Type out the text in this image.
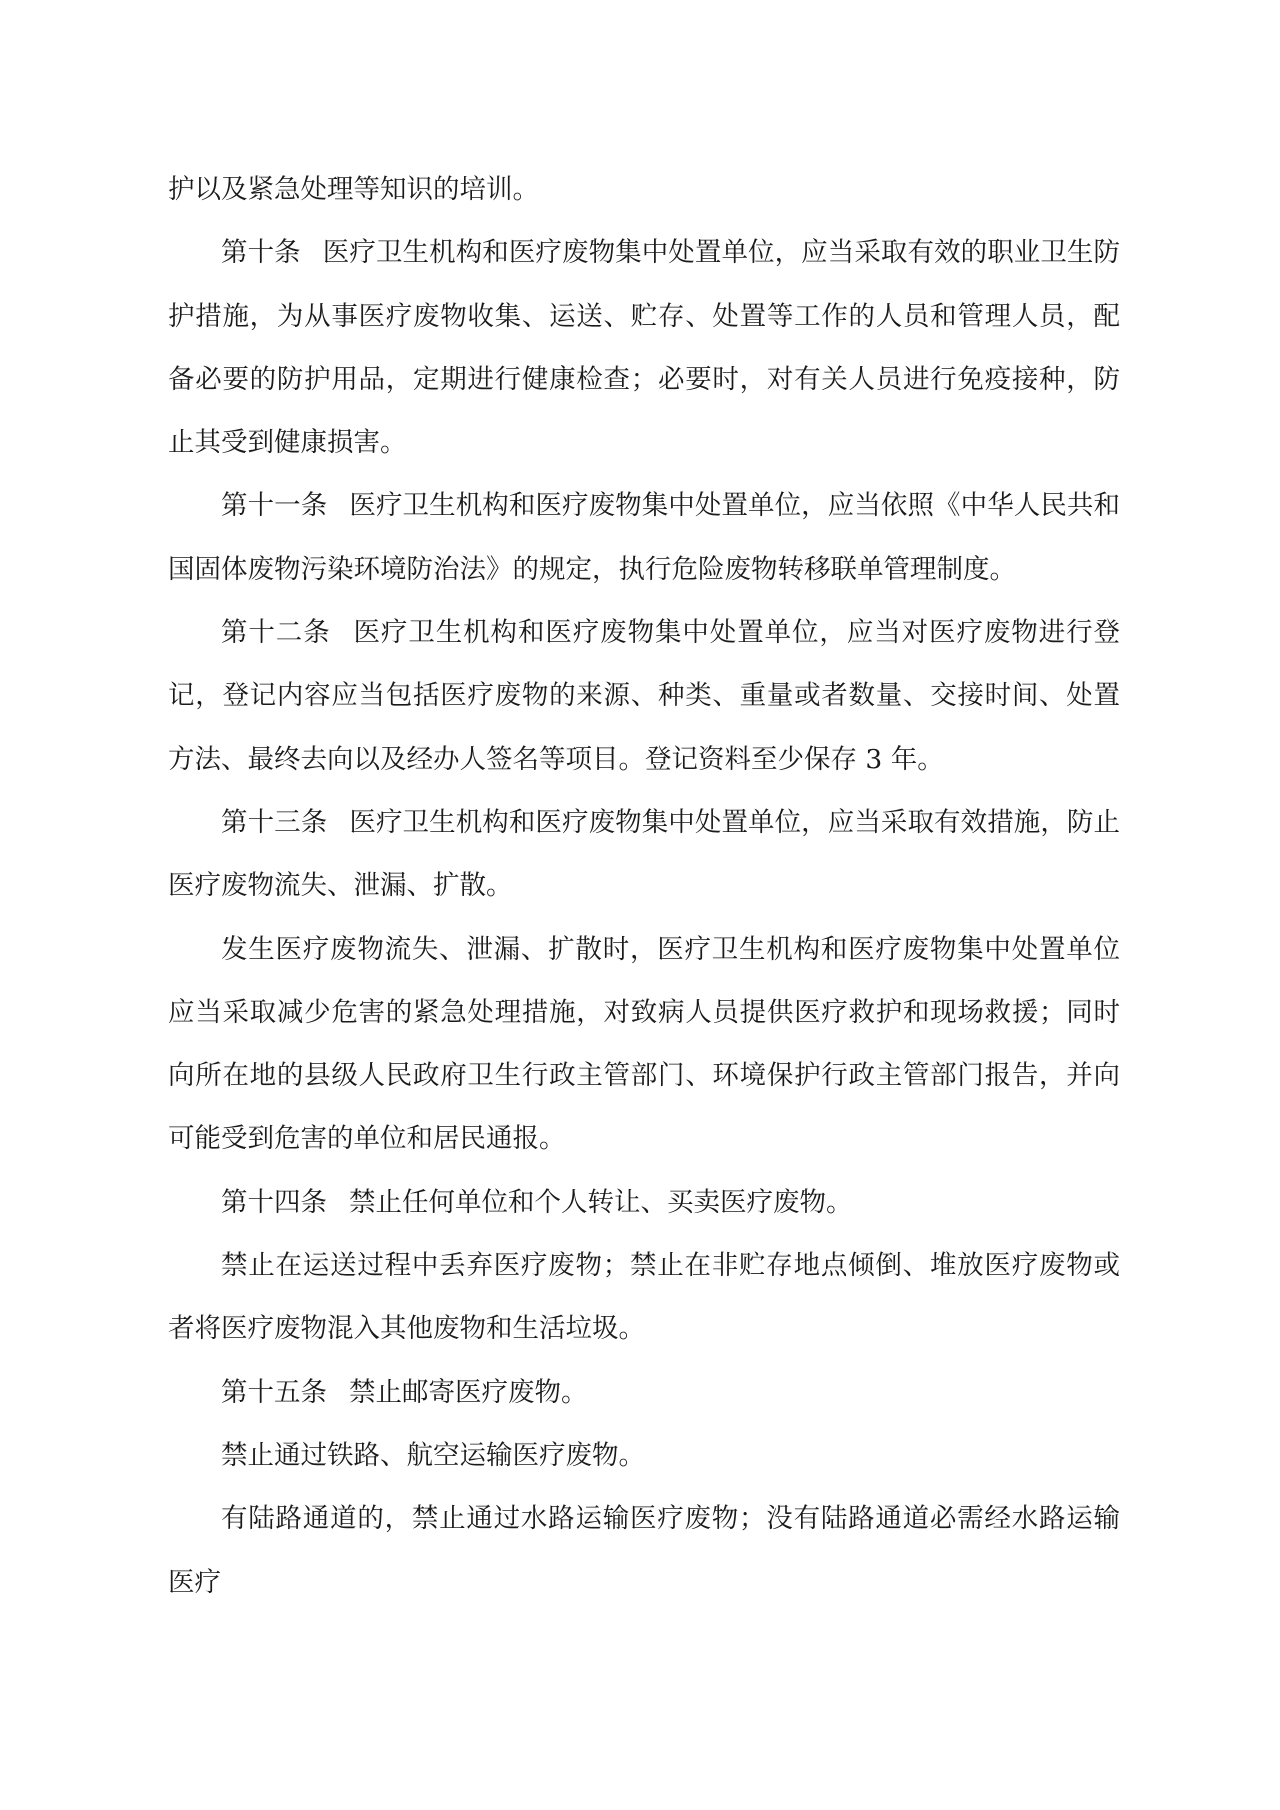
护以及紧急处理等知识的培训。

第十条 医疗卫生机构和医疗废物集中处置单位，应当采取有效的职业卫生防护措施，为从事医疗废物收集、运送、贮存、处置等工作的人员和管理人员，配备必要的防护用品，定期进行健康检查；必要时，对有关人员进行免疫接种，防止其受到健康损害。

第十一条 医疗卫生机构和医疗废物集中处置单位，应当依照《中华人民共和国固体废物污染环境防治法》的规定，执行危险废物转移联单管理制度。

第十二条 医疗卫生机构和医疗废物集中处置单位，应当对医疗废物进行登记，登记内容应当包括医疗废物的来源、种类、重量或者数量、交接时间、处置方法、最终去向以及经办人签名等项目。登记资料至少保存 3 年。

第十三条 医疗卫生机构和医疗废物集中处置单位，应当采取有效措施，防止医疗废物流失、泄漏、扩散。

发生医疗废物流失、泄漏、扩散时，医疗卫生机构和医疗废物集中处置单位应当采取减少危害的紧急处理措施，对致病人员提供医疗救护和现场救援；同时向所在地的县级人民政府卫生行政主管部门、环境保护行政主管部门报告，并向可能受到危害的单位和居民通报。

第十四条 禁止任何单位和个人转让、买卖医疗废物。

禁止在运送过程中丢弃医疗废物；禁止在非贮存地点倾倒、堆放医疗废物或者将医疗废物混入其他废物和生活垃圾。

第十五条 禁止邮寄医疗废物。

禁止通过铁路、航空运输医疗废物。

有陆路通道的，禁止通过水路运输医疗废物；没有陆路通道必需经水路运输医疗
